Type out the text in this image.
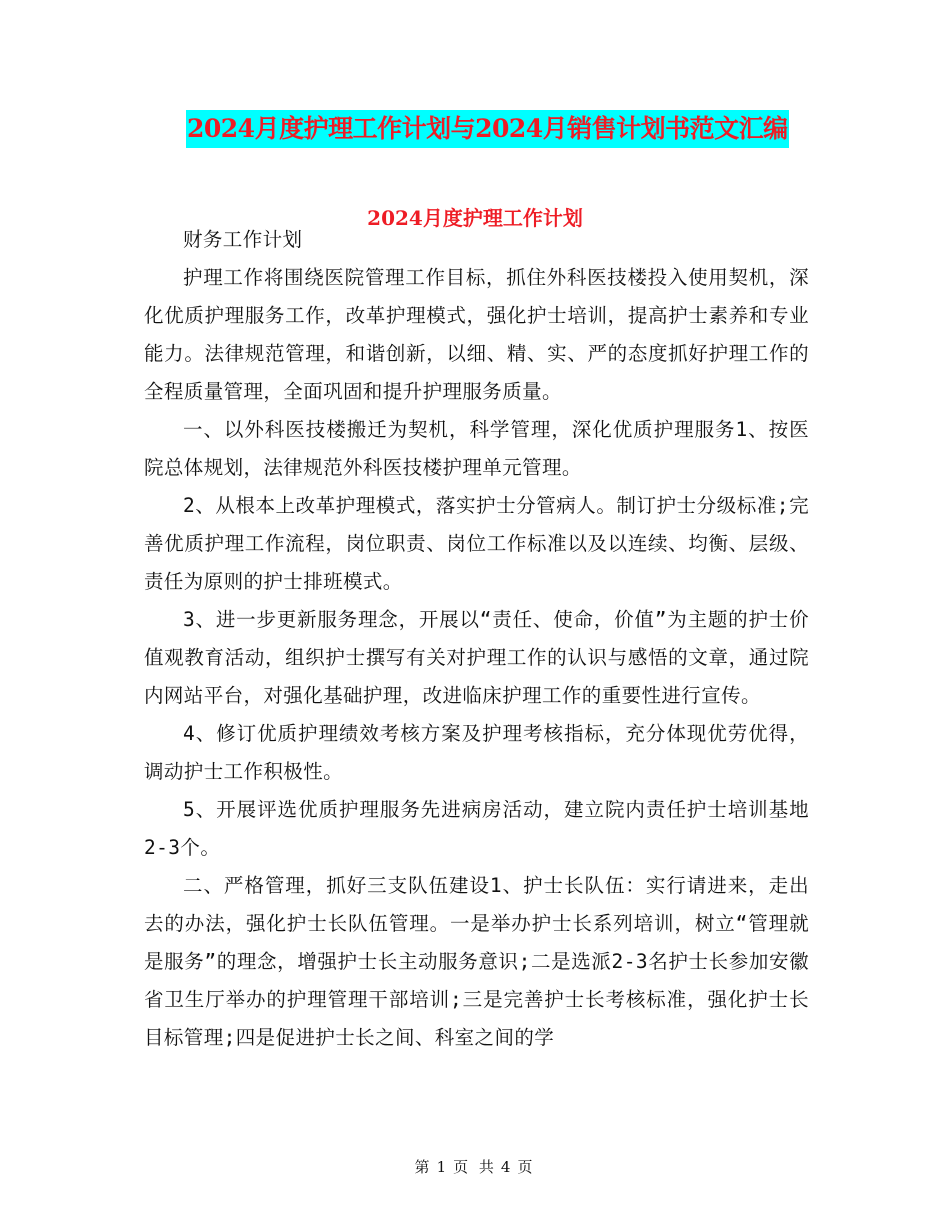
2024月度护理工作计划与2024月销售计划书范文汇编
2024月度护理工作计划

财务工作计划

护理工作将围绕医院管理工作目标，抓住外科医技楼投入使用契机，深化优质护理服务工作，改革护理模式，强化护士培训，提高护士素养和专业能力。法律规范管理，和谐创新，以细、精、实、严的态度抓好护理工作的全程质量管理，全面巩固和提升护理服务质量。

一、以外科医技楼搬迁为契机，科学管理，深化优质护理服务1、按医院总体规划，法律规范外科医技楼护理单元管理。

2、从根本上改革护理模式，落实护士分管病人。制订护士分级标准;完善优质护理工作流程，岗位职责、岗位工作标准以及以连续、均衡、层级、责任为原则的护士排班模式。

3、进一步更新服务理念，开展以“责任、使命，价值”为主题的护士价值观教育活动，组织护士撰写有关对护理工作的认识与感悟的文章，通过院内网站平台，对强化基础护理，改进临床护理工作的重要性进行宣传。

4、修订优质护理绩效考核方案及护理考核指标，充分体现优劳优得，调动护士工作积极性。

5、开展评选优质护理服务先进病房活动，建立院内责任护士培训基地2-3个。

二、严格管理，抓好三支队伍建设1、护士长队伍：实行请进来，走出去的办法，强化护士长队伍管理。一是举办护士长系列培训，树立“管理就是服务”的理念，增强护士长主动服务意识;二是选派2-3名护士长参加安徽省卫生厅举办的护理管理干部培训;三是完善护士长考核标准，强化护士长目标管理;四是促进护士长之间、科室之间的学

第 1 页 共 4 页
